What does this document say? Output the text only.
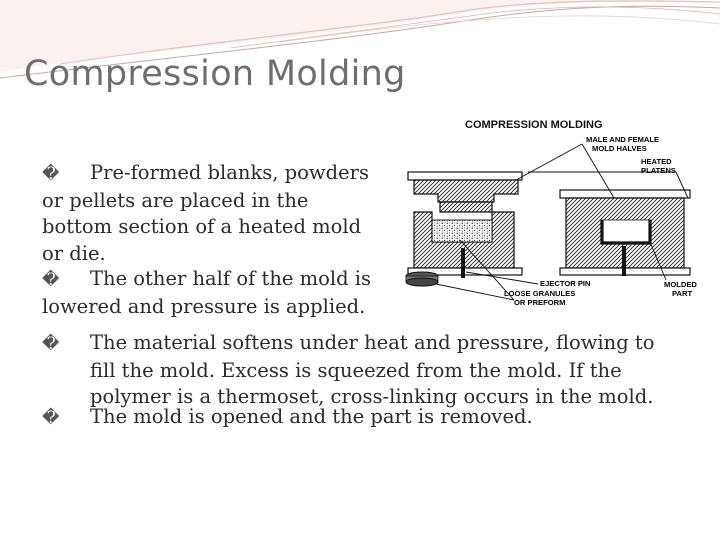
Compression Molding
� Pre-formed blanks, powders
or pellets are placed in the
bottom section of a heated mold
or die.
� The other half of the mold is
lowered and pressure is applied.
� The material softens under heat and pressure, flowing to
fill the mold. Excess is squeezed from the mold. If the
polymer is a thermoset, cross-linking occurs in the mold.
� The mold is opened and the part is removed.
COMPRESSION MOLDING
MALE AND FEMALE
MOLD HALVES
HEATED
PLATENS
EJECTOR PIN
LOOSE GRANULES
OR PREFORM
MOLDED
PART
